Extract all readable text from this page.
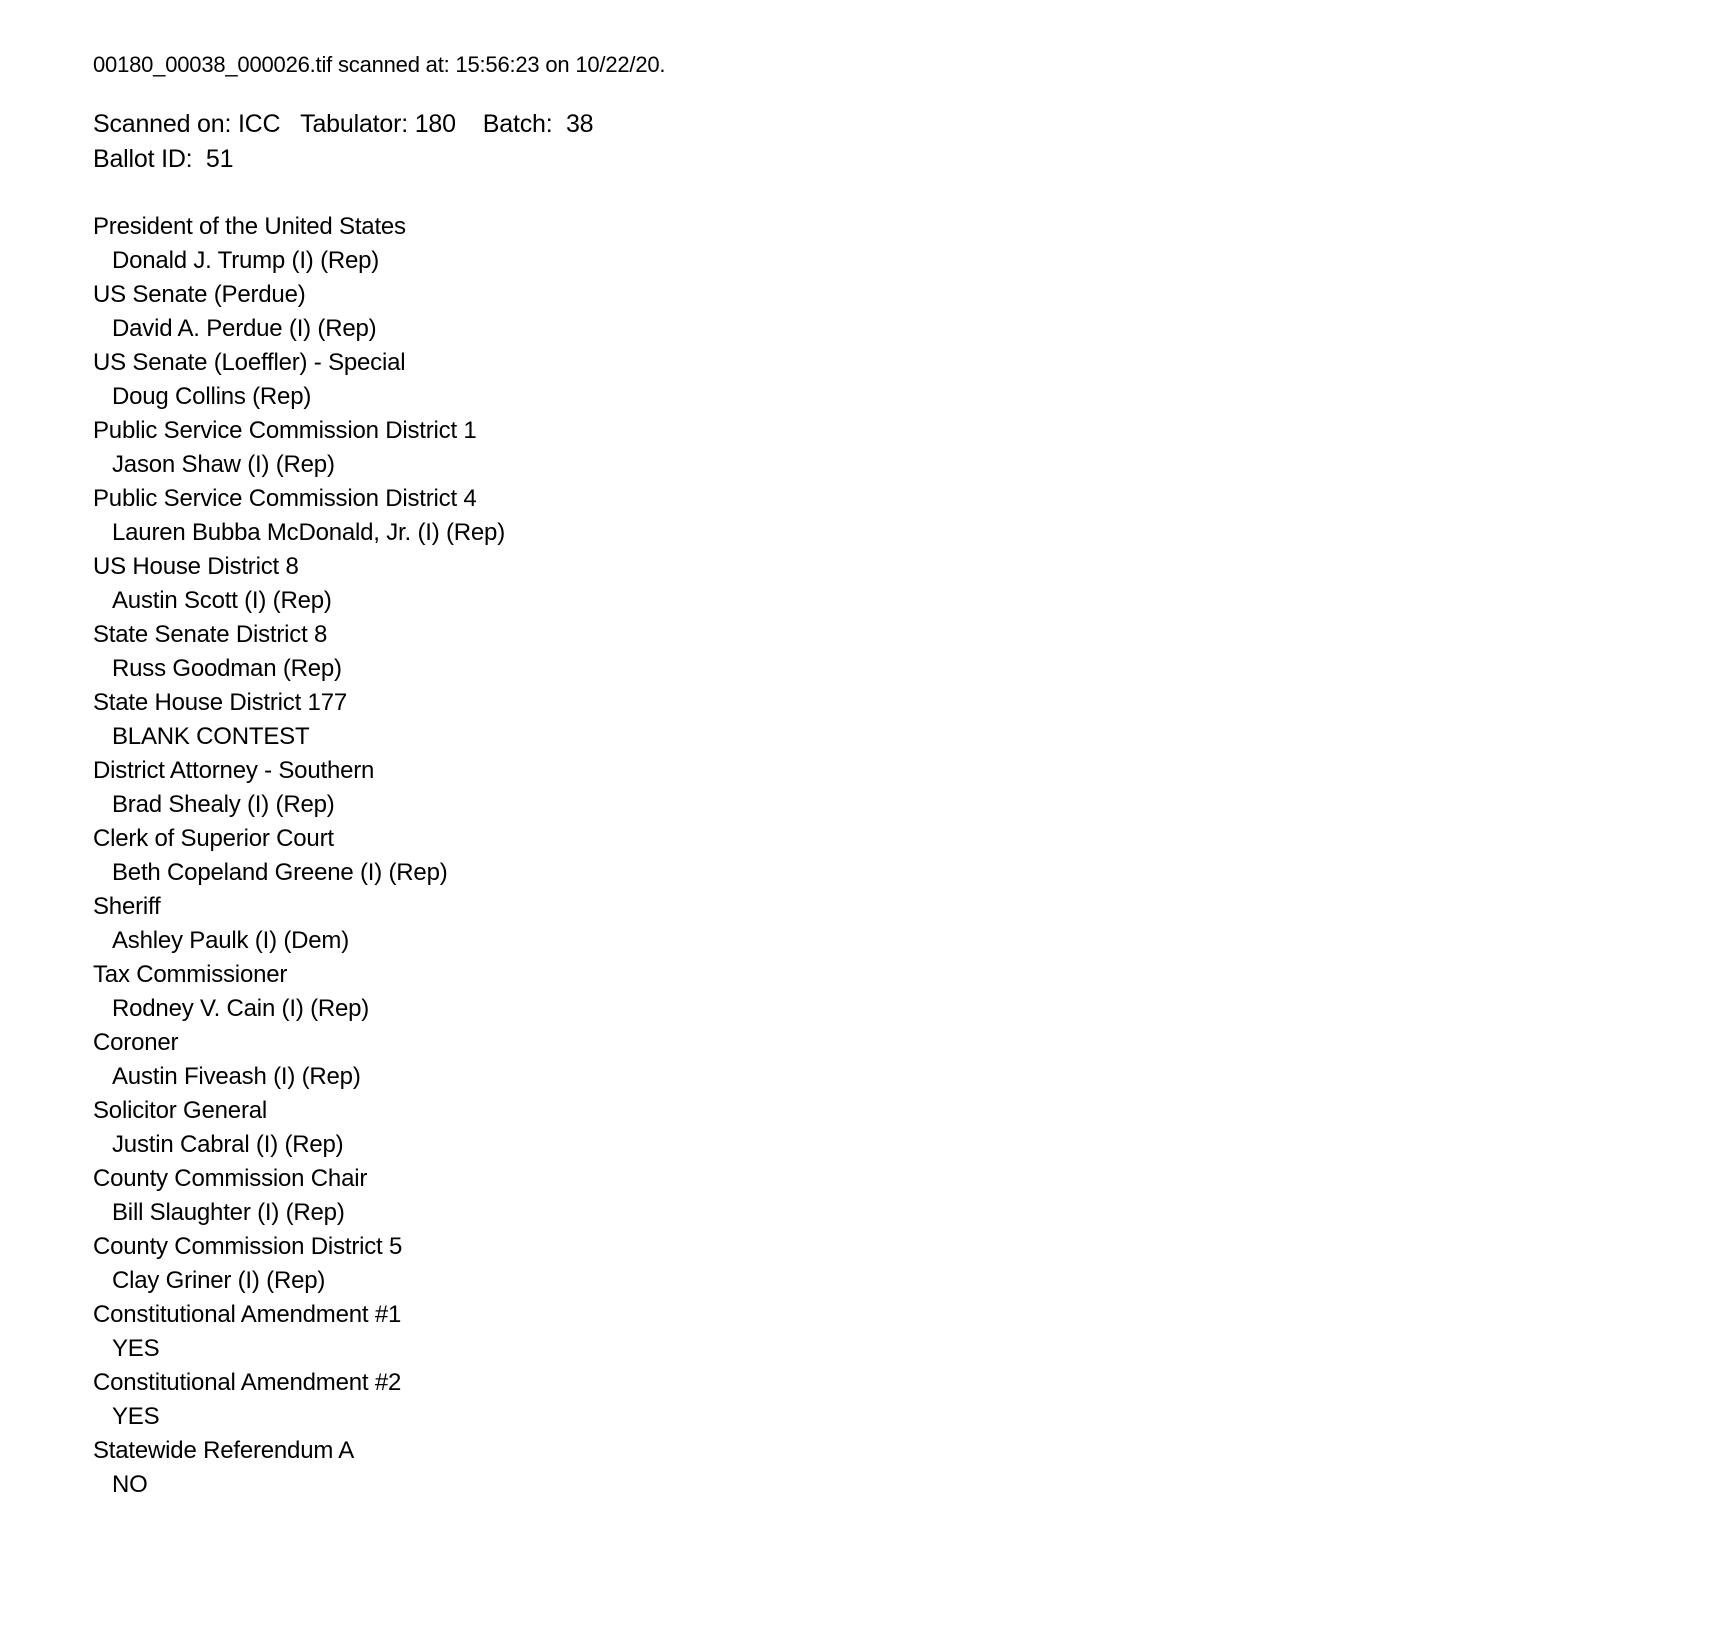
00180_00038_000026.tif scanned at: 15:56:23 on 10/22/20.
Scanned on: ICC   Tabulator: 180    Batch:  38
Ballot ID:  51
President of the United States
Donald J. Trump (I) (Rep)
US Senate (Perdue)
David A. Perdue (I) (Rep)
US Senate (Loeffler) - Special
Doug Collins (Rep)
Public Service Commission District 1
Jason Shaw (I) (Rep)
Public Service Commission District 4
Lauren Bubba McDonald, Jr. (I) (Rep)
US House District 8
Austin Scott (I) (Rep)
State Senate District 8
Russ Goodman (Rep)
State House District 177
BLANK CONTEST
District Attorney - Southern
Brad Shealy (I) (Rep)
Clerk of Superior Court
Beth Copeland Greene (I) (Rep)
Sheriff
Ashley Paulk (I) (Dem)
Tax Commissioner
Rodney V. Cain (I) (Rep)
Coroner
Austin Fiveash (I) (Rep)
Solicitor General
Justin Cabral (I) (Rep)
County Commission Chair
Bill Slaughter (I) (Rep)
County Commission District 5
Clay Griner (I) (Rep)
Constitutional Amendment #1
YES
Constitutional Amendment #2
YES
Statewide Referendum A
NO
